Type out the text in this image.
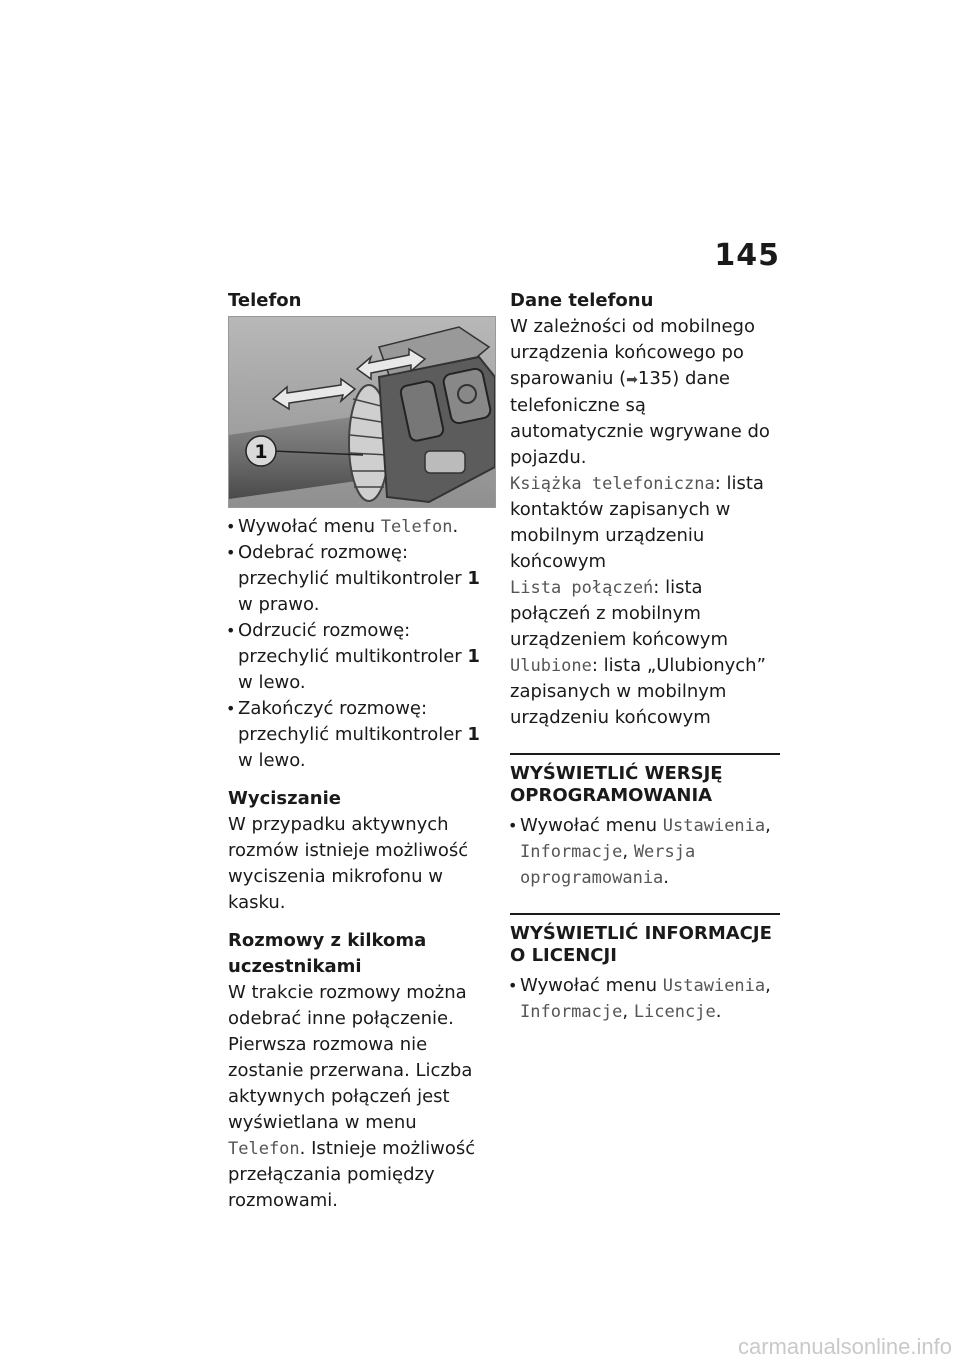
145
Telefon
1
• Wywołać menu Telefon.
• Odebrać rozmowę: przechylić multikontroler 1 w prawo.
• Odrzucić rozmowę: przechylić multikontroler 1 w lewo.
• Zakończyć rozmowę: przechylić multikontroler 1 w lewo.
Wyciszanie
W przypadku aktywnych rozmów istnieje możliwość wyciszenia mikrofonu w kasku.
Rozmowy z kilkoma uczestnikami
W trakcie rozmowy można odebrać inne połączenie. Pierwsza rozmowa nie zostanie przerwana. Liczba aktywnych połączeń jest wyświetlana w menu Telefon. Istnieje możliwość przełączania pomiędzy rozmowami.
Dane telefonu
W zależności od mobilnego urządzenia końcowego po sparowaniu (➡135) dane telefoniczne są automatycznie wgrywane do pojazdu.
Książka telefoniczna: lista kontaktów zapisanych w mobilnym urządzeniu końcowym
Lista połączeń: lista połączeń z mobilnym urządzeniem końcowym
Ulubione: lista „Ulubionych” zapisanych w mobilnym urządzeniu końcowym
WYŚWIETLIĆ WERSJĘ OPROGRAMOWANIA
• Wywołać menu Ustawienia, Informacje, Wersja oprogramowania.
WYŚWIETLIĆ INFORMACJE O LICENCJI
• Wywołać menu Ustawienia, Informacje, Licencje.
carmanualsonline.info
